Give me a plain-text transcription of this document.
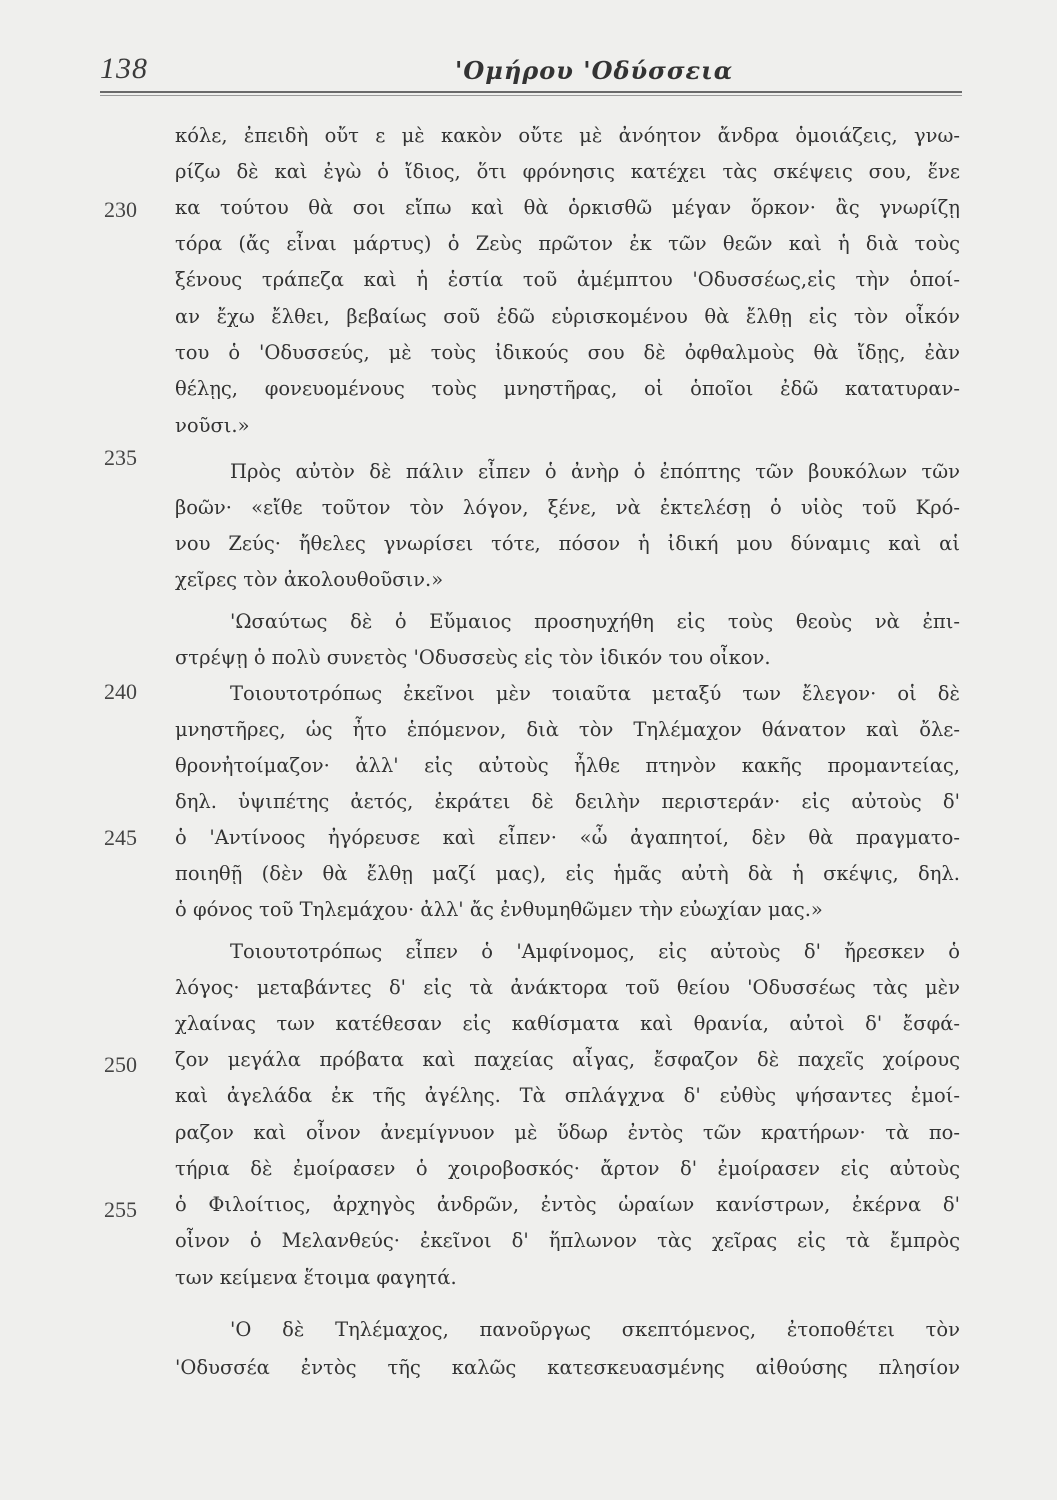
138	'Ομήρου 'Οδύσσεια
230
235
240
245
250
255
κόλε, ἐπειδὴ οὔτ ε μὲ κακὸν οὔτε μὲ ἀνόητον ἄνδρα ὁμοιάζεις, γνω-
ρίζω δὲ καὶ ἐγὼ ὁ ἴδιος, ὅτι φρόνησις κατέχει τὰς σκέψεις σου, ἕνε
κα τούτου θὰ σοι εἴπω καὶ θὰ ὁρκισθῶ μέγαν ὅρκον· ἂς γνωρίζῃ
τόρα (ἄς εἶναι μάρτυς) ὁ Ζεὺς πρῶτον ἐκ τῶν θεῶν καὶ ἡ διὰ τοὺς
ξένους τράπεζα καὶ ἡ ἑστία τοῦ ἀμέμπτου 'Οδυσσέως,εἰς τὴν ὁποί-
αν ἔχω ἔλθει, βεβαίως σοῦ ἐδῶ εὑρισκομένου θὰ ἔλθῃ εἰς τὸν οἶκόν
του ὁ 'Οδυσσεύς, μὲ τοὺς ἰδικούς σου δὲ ὀφθαλμοὺς θὰ ἴδῃς, ἐὰν
θέλῃς, φονευομένους τοὺς μνηστῆρας, οἱ ὁποῖοι ἐδῶ κατατυραν-
νοῦσι.»
Πρὸς αὐτὸν δὲ πάλιν εἶπεν ὁ ἀνὴρ ὁ ἐπόπτης τῶν βουκόλων τῶν
βοῶν· «εἴθε τοῦτον τὸν λόγον, ξένε, νὰ ἐκτελέσῃ ὁ υἱὸς τοῦ Κρό-
νου Ζεύς· ἤθελες γνωρίσει τότε, πόσον ἡ ἰδική μου δύναμις καὶ αἱ
χεῖρες τὸν ἀκολουθοῦσιν.»
'Ωσαύτως δὲ ὁ Εὔμαιος προσηυχήθη εἰς τοὺς θεοὺς νὰ ἐπι-
στρέψῃ ὁ πολὺ συνετὸς 'Οδυσσεὺς εἰς τὸν ἰδικόν του οἶκον.
Τοιουτοτρόπως ἐκεῖνοι μὲν τοιαῦτα μεταξύ των ἔλεγον· οἱ δὲ
μνηστῆρες, ὡς ἦτο ἑπόμενον, διὰ τὸν Τηλέμαχον θάνατον καὶ ὄλε-
θρονἠτοίμαζον· ἀλλ' εἰς αὐτοὺς ἦλθε πτηνὸν κακῆς προμαντείας,
δηλ. ὑψιπέτης ἀετός, ἐκράτει δὲ δειλὴν περιστεράν· εἰς αὐτοὺς δ'
ὁ 'Αντίνοος ἠγόρευσε καὶ εἶπεν· «ὦ ἀγαπητοί, δὲν θὰ πραγματο-
ποιηθῇ (δὲν θὰ ἔλθῃ μαζί μας), εἰς ἡμᾶς αὐτὴ δὰ ἡ σκέψις, δηλ.
ὁ φόνος τοῦ Τηλεμάχου· ἀλλ' ἄς ἐνθυμηθῶμεν τὴν εὐωχίαν μας.»
Τοιουτοτρόπως εἶπεν ὁ 'Αμφίνομος, εἰς αὐτοὺς δ' ἤρεσκεν ὁ
λόγος· μεταβάντες δ' εἰς τὰ ἀνάκτορα τοῦ θείου 'Οδυσσέως τὰς μὲν
χλαίνας των κατέθεσαν εἰς καθίσματα καὶ θρανία, αὐτοὶ δ' ἔσφά-
ζον μεγάλα πρόβατα καὶ παχείας αἶγας, ἔσφαζον δὲ παχεῖς χοίρους
καὶ ἀγελάδα ἐκ τῆς ἀγέλης. Τὰ σπλάγχνα δ' εὐθὺς ψήσαντες ἐμοί-
ραζον καὶ οἶνον ἀνεμίγνυον μὲ ὕδωρ ἐντὸς τῶν κρατήρων· τὰ πο-
τήρια δὲ ἐμοίρασεν ὁ χοιροβοσκός· ἄρτον δ' ἐμοίρασεν εἰς αὐτοὺς
ὁ Φιλοίτιος, ἀρχηγὸς ἀνδρῶν, ἐντὸς ὡραίων κανίστρων, ἐκέρνα δ'
οἶνον ὁ Μελανθεύς· ἐκεῖνοι δ' ἥπλωνον τὰς χεῖρας εἰς τὰ ἔμπρὸς
των κείμενα ἕτοιμα φαγητά.
'Ο δὲ Τηλέμαχος, πανοῦργως σκεπτόμενος, ἐτοποθέτει τὸν
'Οδυσσέα ἐντὸς τῆς καλῶς κατεσκευασμένης αἰθούσης πλησίον
